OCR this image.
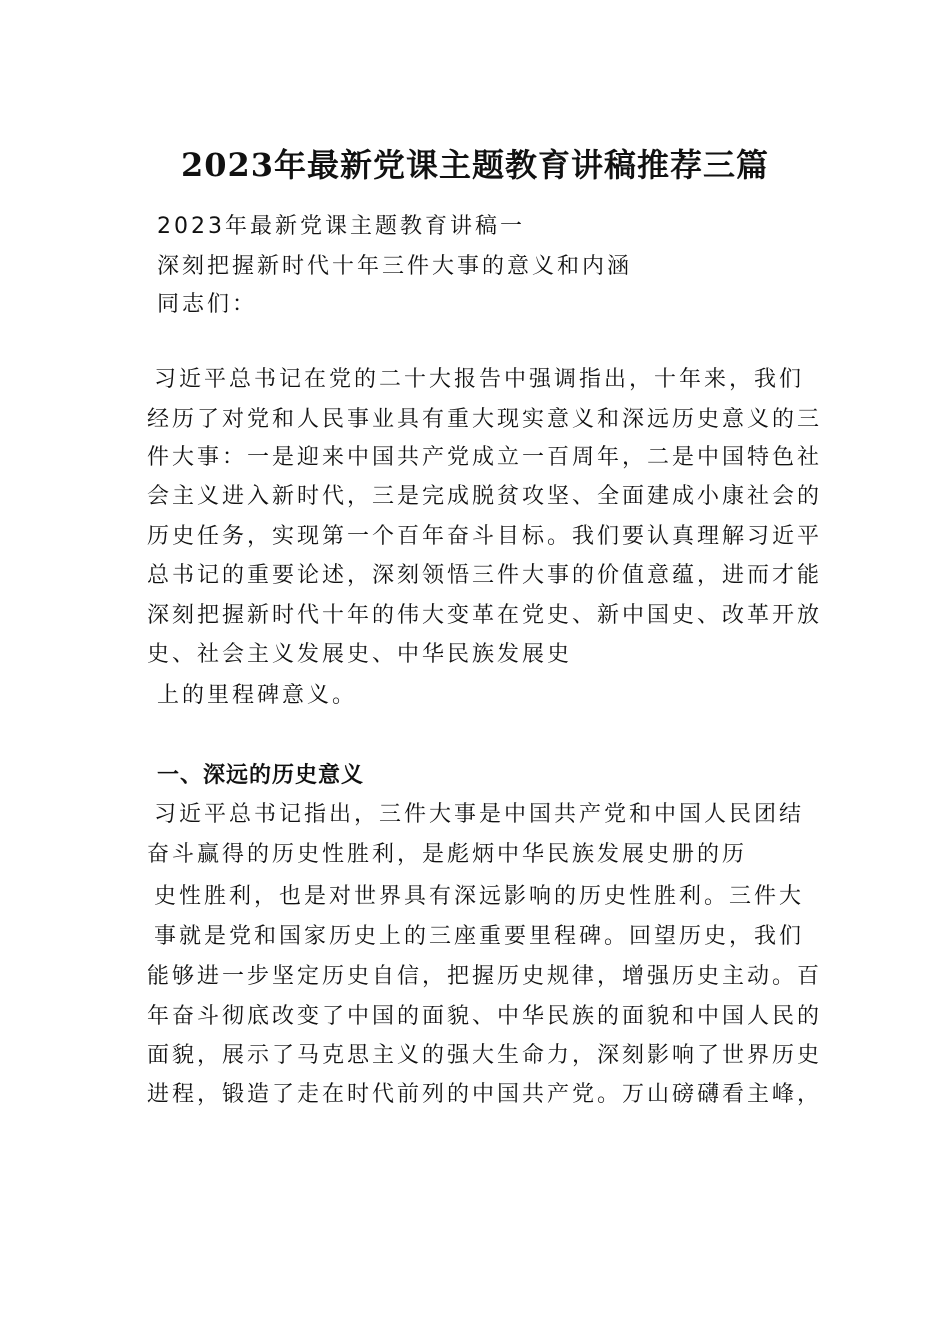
2023年最新党课主题教育讲稿推荐三篇
2023年最新党课主题教育讲稿一
深刻把握新时代十年三件大事的意义和内涵
同志们：
习近平总书记在党的二十大报告中强调指出，十年来，我们
经历了对党和人民事业具有重大现实意义和深远历史意义的三
件大事：一是迎来中国共产党成立一百周年，二是中国特色社
会主义进入新时代，三是完成脱贫攻坚、全面建成小康社会的
历史任务，实现第一个百年奋斗目标。我们要认真理解习近平
总书记的重要论述，深刻领悟三件大事的价值意蕴，进而才能
深刻把握新时代十年的伟大变革在党史、新中国史、改革开放
史、社会主义发展史、中华民族发展史
上的里程碑意义。
一、深远的历史意义
习近平总书记指出，三件大事是中国共产党和中国人民团结
奋斗赢得的历史性胜利，是彪炳中华民族发展史册的历
史性胜利，也是对世界具有深远影响的历史性胜利。三件大
事就是党和国家历史上的三座重要里程碑。回望历史，我们
能够进一步坚定历史自信，把握历史规律，增强历史主动。百
年奋斗彻底改变了中国的面貌、中华民族的面貌和中国人民的
面貌，展示了马克思主义的强大生命力，深刻影响了世界历史
进程，锻造了走在时代前列的中国共产党。万山磅礴看主峰，
